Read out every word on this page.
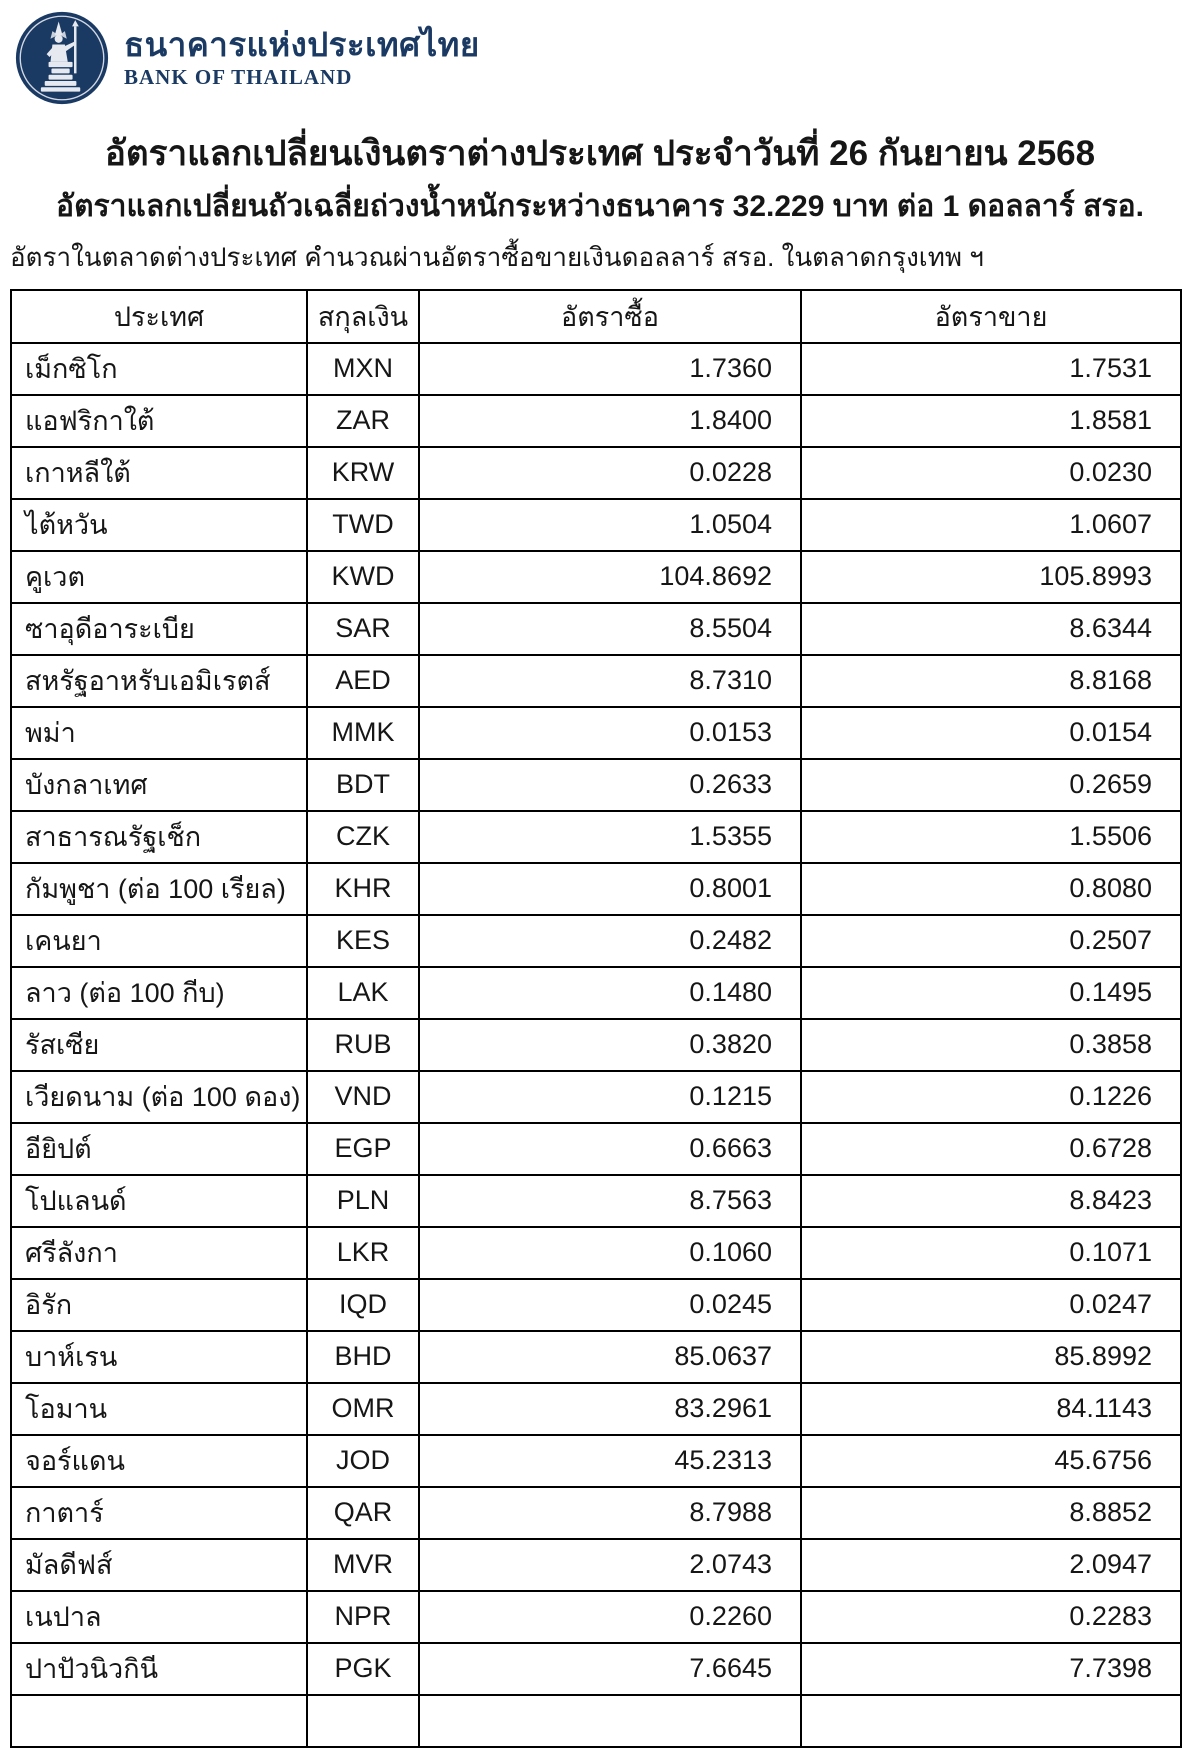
ธนาคารแห่งประเทศไทย
BANK OF THAILAND
อัตราแลกเปลี่ยนเงินตราต่างประเทศ ประจำวันที่ 26 กันยายน 2568
อัตราแลกเปลี่ยนถัวเฉลี่ยถ่วงน้ำหนักระหว่างธนาคาร 32.229 บาท ต่อ 1 ดอลลาร์ สรอ.
อัตราในตลาดต่างประเทศ คำนวณผ่านอัตราซื้อขายเงินดอลลาร์ สรอ. ในตลาดกรุงเทพ ฯ
ประเทศ	สกุลเงิน	อัตราซื้อ	อัตราขาย
เม็กซิโก	MXN	1.7360	1.7531
แอฟริกาใต้	ZAR	1.8400	1.8581
เกาหลีใต้	KRW	0.0228	0.0230
ไต้หวัน	TWD	1.0504	1.0607
คูเวต	KWD	104.8692	105.8993
ซาอุดีอาระเบีย	SAR	8.5504	8.6344
สหรัฐอาหรับเอมิเรตส์	AED	8.7310	8.8168
พม่า	MMK	0.0153	0.0154
บังกลาเทศ	BDT	0.2633	0.2659
สาธารณรัฐเช็ก	CZK	1.5355	1.5506
กัมพูชา (ต่อ 100 เรียล)	KHR	0.8001	0.8080
เคนยา	KES	0.2482	0.2507
ลาว (ต่อ 100 กีบ)	LAK	0.1480	0.1495
รัสเซีย	RUB	0.3820	0.3858
เวียดนาม (ต่อ 100 ดอง)	VND	0.1215	0.1226
อียิปต์	EGP	0.6663	0.6728
โปแลนด์	PLN	8.7563	8.8423
ศรีลังกา	LKR	0.1060	0.1071
อิรัก	IQD	0.0245	0.0247
บาห์เรน	BHD	85.0637	85.8992
โอมาน	OMR	83.2961	84.1143
จอร์แดน	JOD	45.2313	45.6756
กาตาร์	QAR	8.7988	8.8852
มัลดีฟส์	MVR	2.0743	2.0947
เนปาล	NPR	0.2260	0.2283
ปาปัวนิวกินี	PGK	7.6645	7.7398
